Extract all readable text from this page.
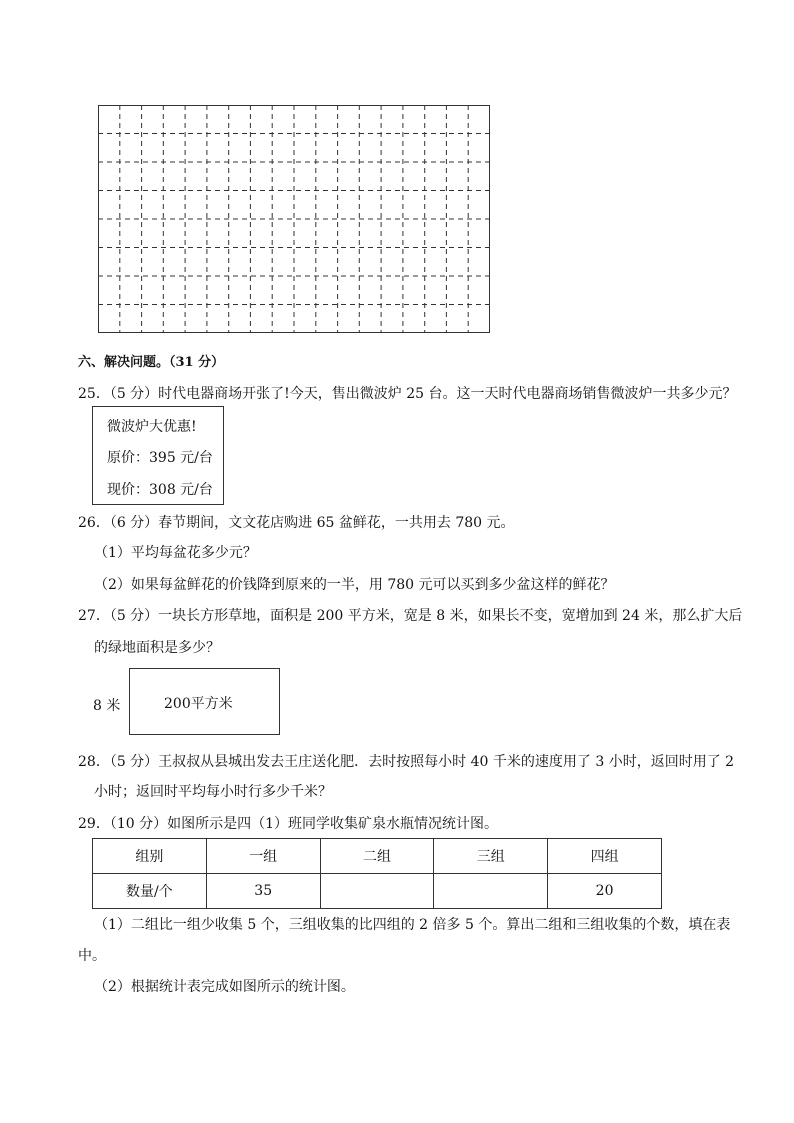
六、解决问题。（31 分）
25．（5 分）时代电器商场开张了!今天，售出微波炉 25 台。这一天时代电器商场销售微波炉一共多少元？
微波炉大优惠!
原价：395 元/台
现价：308 元/台
26．（6 分）春节期间，文文花店购进 65 盆鲜花，一共用去 780 元。
（1）平均每盆花多少元？
（2）如果每盆鲜花的价钱降到原来的一半，用 780 元可以买到多少盆这样的鲜花？
27．（5 分）一块长方形草地，面积是 200 平方米，宽是 8 米，如果长不变，宽增加到 24 米，那么扩大后
的绿地面积是多少？
8 米	200平方米
28．（5 分）王叔叔从县城出发去王庄送化肥．去时按照每小时 40 千米的速度用了 3 小时，返回时用了 2
小时；返回时平均每小时行多少千米？
29．（10 分）如图所示是四（1）班同学收集矿泉水瓶情况统计图。
组别	一组	二组	三组	四组
数量/个	35			20
（1）二组比一组少收集 5 个，三组收集的比四组的 2 倍多 5 个。算出二组和三组收集的个数，填在表
中。
（2）根据统计表完成如图所示的统计图。
